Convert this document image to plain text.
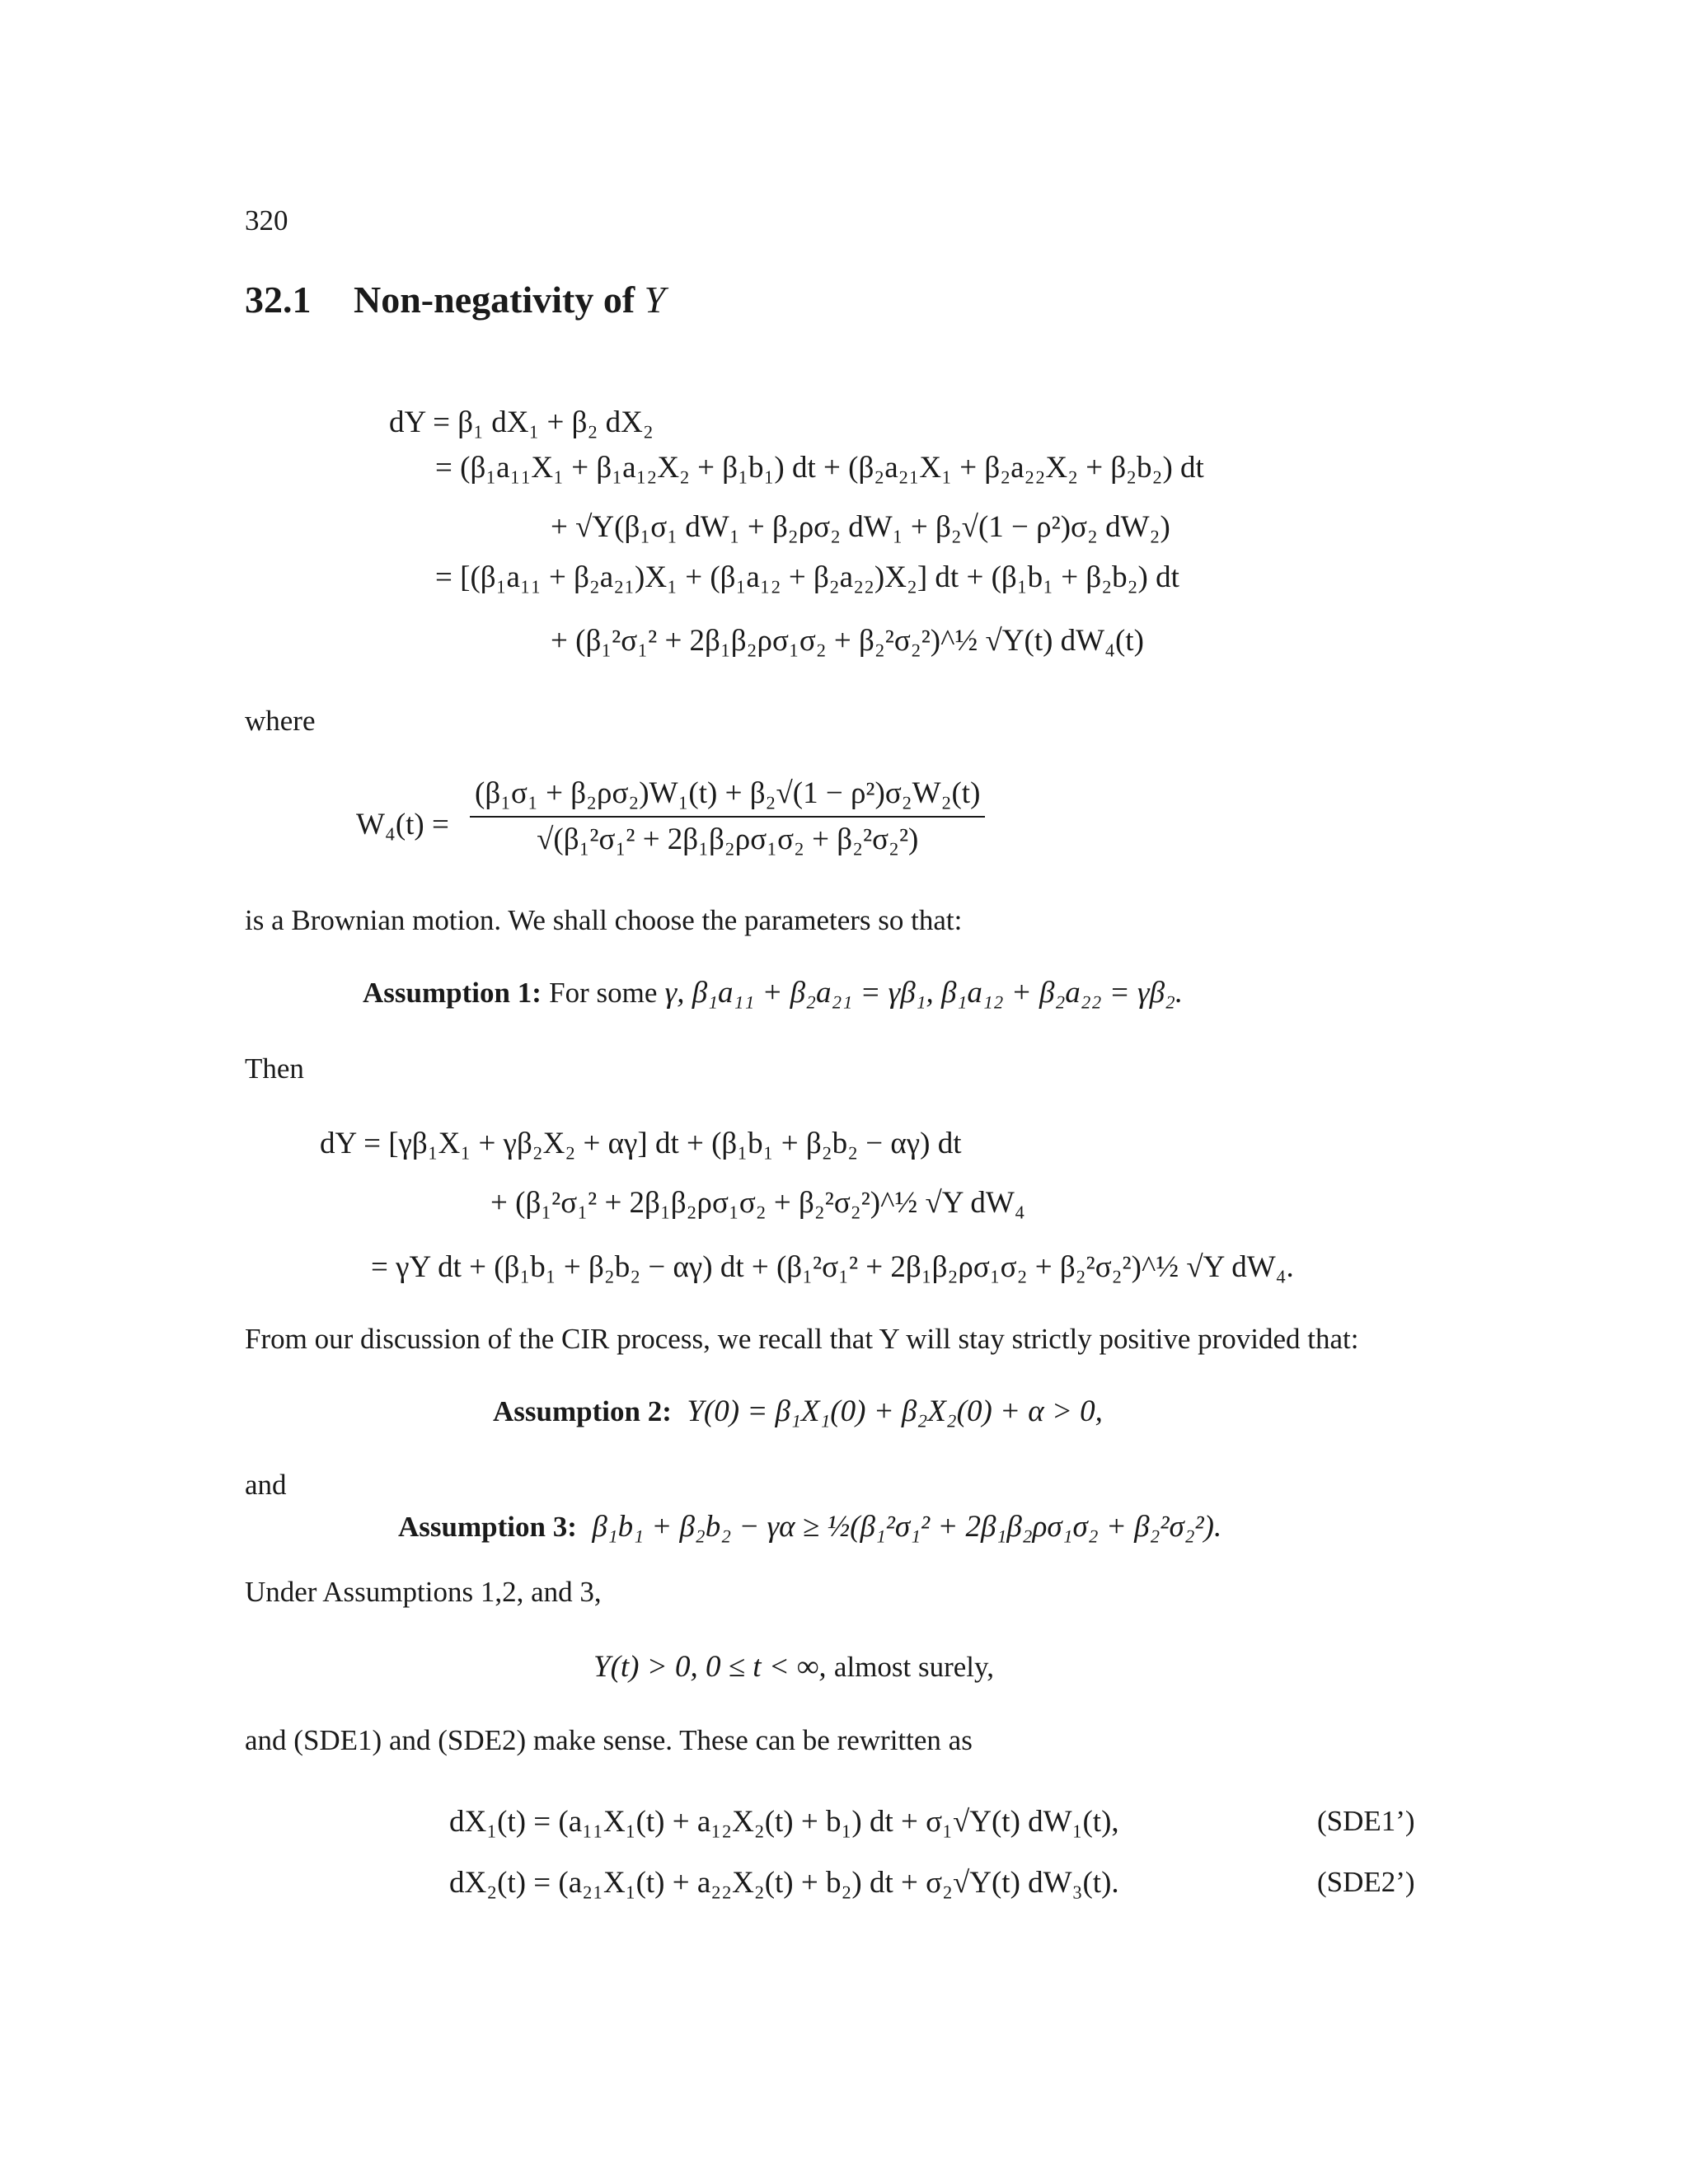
320
32.1 Non-negativity of Y
dY = β₁ dX₁ + β₂ dX₂
= (β₁a₁₁X₁ + β₁a₁₂X₂ + β₁b₁) dt + (β₂a₂₁X₁ + β₂a₂₂X₂ + β₂b₂) dt
+ √Y(β₁σ₁ dW₁ + β₂ρσ₂ dW₁ + β₂√(1 − ρ²)σ₂ dW₂)
= [(β₁a₁₁ + β₂a₂₁)X₁ + (β₁a₁₂ + β₂a₂₂)X₂] dt + (β₁b₁ + β₂b₂) dt
+ (β₁²σ₁² + 2β₁β₂ρσ₁σ₂ + β₂²σ₂²)^½ √Y(t) dW₄(t)
where
$W_4(t) = \frac{\text{(β₁σ₁ + β₂ρσ₂)W₁(t) + β₂√(1 − ρ²)σ₂W₂(t)}}{\text{√(β₁²σ₁² + 2β₁β₂ρσ₁σ₂ + β₂²σ₂²)}}$
is a Brownian motion. We shall choose the parameters so that:
Assumption 1: For some γ, β₁a₁₁ + β₂a₂₁ = γβ₁, β₁a₁₂ + β₂a₂₂ = γβ₂.
Then
dY = [γβ₁X₁ + γβ₂X₂ + αγ] dt + (β₁b₁ + β₂b₂ − αγ) dt
+ (β₁²σ₁² + 2β₁β₂ρσ₁σ₂ + β₂²σ₂²)^½ √Y dW₄
= γY dt + (β₁b₁ + β₂b₂ − αγ) dt + (β₁²σ₁² + 2β₁β₂ρσ₁σ₂ + β₂²σ₂²)^½ √Y dW₄.
From our discussion of the CIR process, we recall that Y will stay strictly positive provided that:
Assumption 2: Y(0) = β₁X₁(0) + β₂X₂(0) + α > 0,
and
Assumption 3: β₁b₁ + β₂b₂ − γα ≥ ½(β₁²σ₁² + 2β₁β₂ρσ₁σ₂ + β₂²σ₂²).
Under Assumptions 1,2, and 3,
Y(t) > 0, 0 ≤ t < ∞, almost surely,
and (SDE1) and (SDE2) make sense. These can be rewritten as
dX₁(t) = (a₁₁X₁(t) + a₁₂X₂(t) + b₁) dt + σ₁√Y(t) dW₁(t),	(SDE1’)
dX₂(t) = (a₂₁X₁(t) + a₂₂X₂(t) + b₂) dt + σ₂√Y(t) dW₃(t).	(SDE2’)
